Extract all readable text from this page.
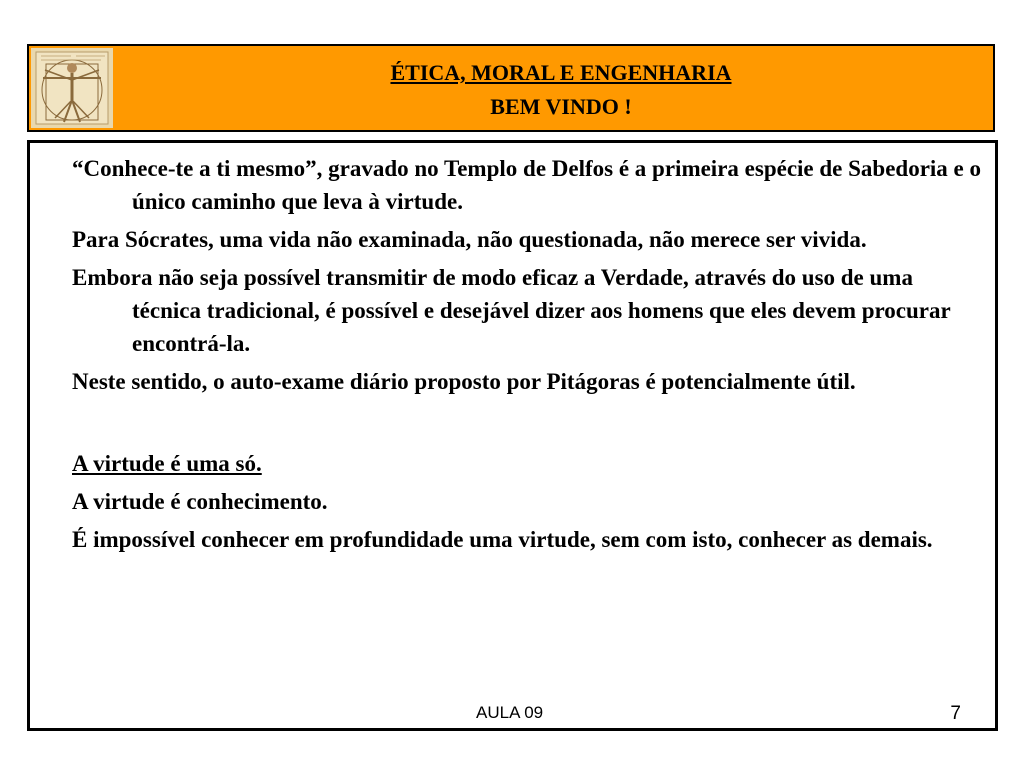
ÉTICA, MORAL E ENGENHARIA
BEM VINDO !

“Conhece-te a ti mesmo”, gravado no Templo de Delfos é a primeira espécie de Sabedoria e o único caminho que leva à virtude.

Para Sócrates, uma vida não examinada, não questionada, não merece ser vivida.

Embora não seja possível transmitir de modo eficaz a Verdade, através do uso de uma técnica tradicional, é possível e desejável dizer aos homens que eles devem procurar encontrá-la.

Neste sentido, o auto-exame diário proposto por Pitágoras é potencialmente útil.

A virtude é uma só.

A virtude é conhecimento.

É impossível conhecer em profundidade uma virtude, sem com isto, conhecer as demais.

AULA 09	7
